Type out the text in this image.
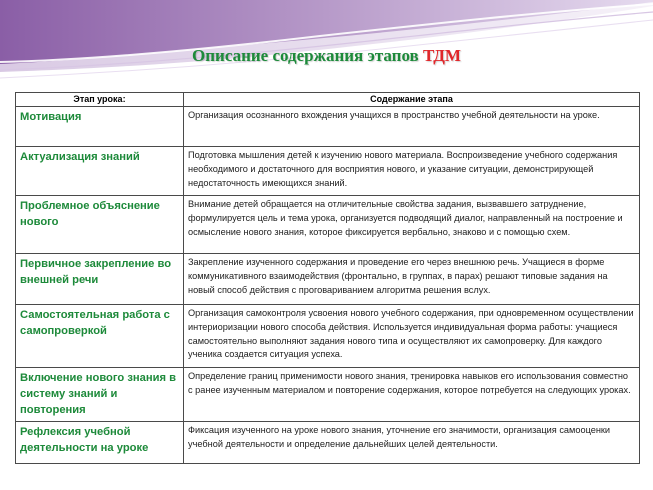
Описание содержания этапов ТДМ
Этап урока:	Содержание этапа
Мотивация	Организация осознанного вхождения учащихся в пространство учебной деятельности на уроке.
Актуализация знаний	Подготовка мышления детей к изучению нового материала. Воспроизведение учебного содержания необходимого и достаточного для восприятия нового, и указание ситуации, демонстрирующей недостаточность имеющихся знаний.
Проблемное объяснение нового	Внимание детей обращается на отличительные свойства задания, вызвавшего затруднение, формулируется цель и тема урока, организуется подводящий диалог, направленный на построение и осмысление нового знания, которое фиксируется вербально, знаково и с помощью схем.
Первичное закрепление во внешней речи	Закрепление изученного содержания и проведение его через внешнюю речь. Учащиеся в форме коммуникативного взаимодействия (фронтально, в группах, в парах) решают типовые задания на новый способ действия с проговариванием алгоритма решения вслух.
Самостоятельная работа с самопроверкой	Организация самоконтроля усвоения нового учебного содержания, при одновременном осуществлении интериоризации нового способа действия. Используется индивидуальная форма работы: учащиеся самостоятельно выполняют задания нового типа и осуществляют их самопроверку. Для каждого ученика создается ситуация успеха.
Включение нового знания в систему знаний и повторения	Определение границ применимости нового знания, тренировка навыков его использования совместно с ранее изученным материалом и повторение содержания, которое потребуется на следующих уроках.
Рефлексия учебной деятельности на уроке	Фиксация изученного на уроке нового знания, уточнение его значимости, организация самооценки учебной деятельности и определение дальнейших целей деятельности.
